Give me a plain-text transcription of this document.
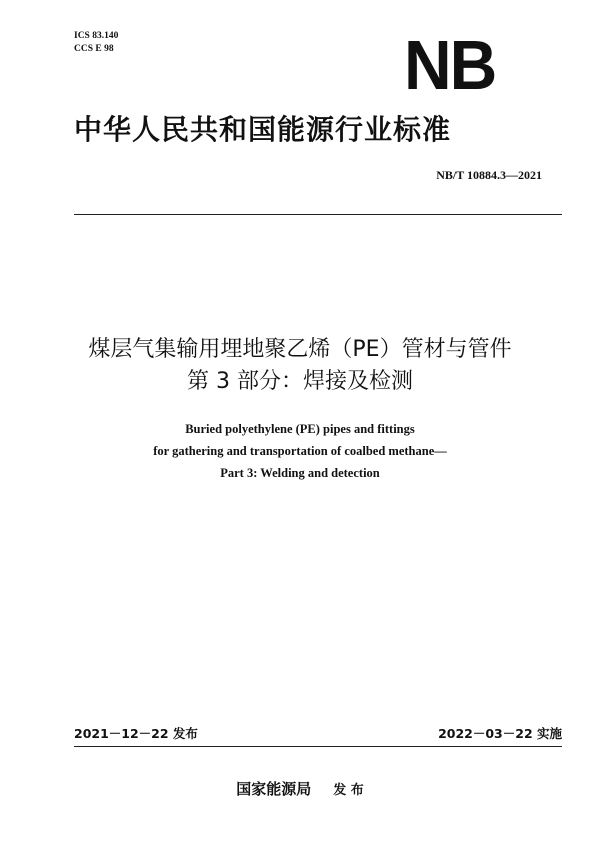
ICS 83.140
CCS E 98	NB
中华人民共和国能源行业标准
NB/T 10884.3—2021
煤层气集输用埋地聚乙烯（PE）管材与管件
第 3 部分：焊接及检测
Buried polyethylene (PE) pipes and fittings
for gathering and transportation of coalbed methane—
Part 3: Welding and detection
2021－12－22 发布	2022－03－22 实施
国家能源局 发 布
